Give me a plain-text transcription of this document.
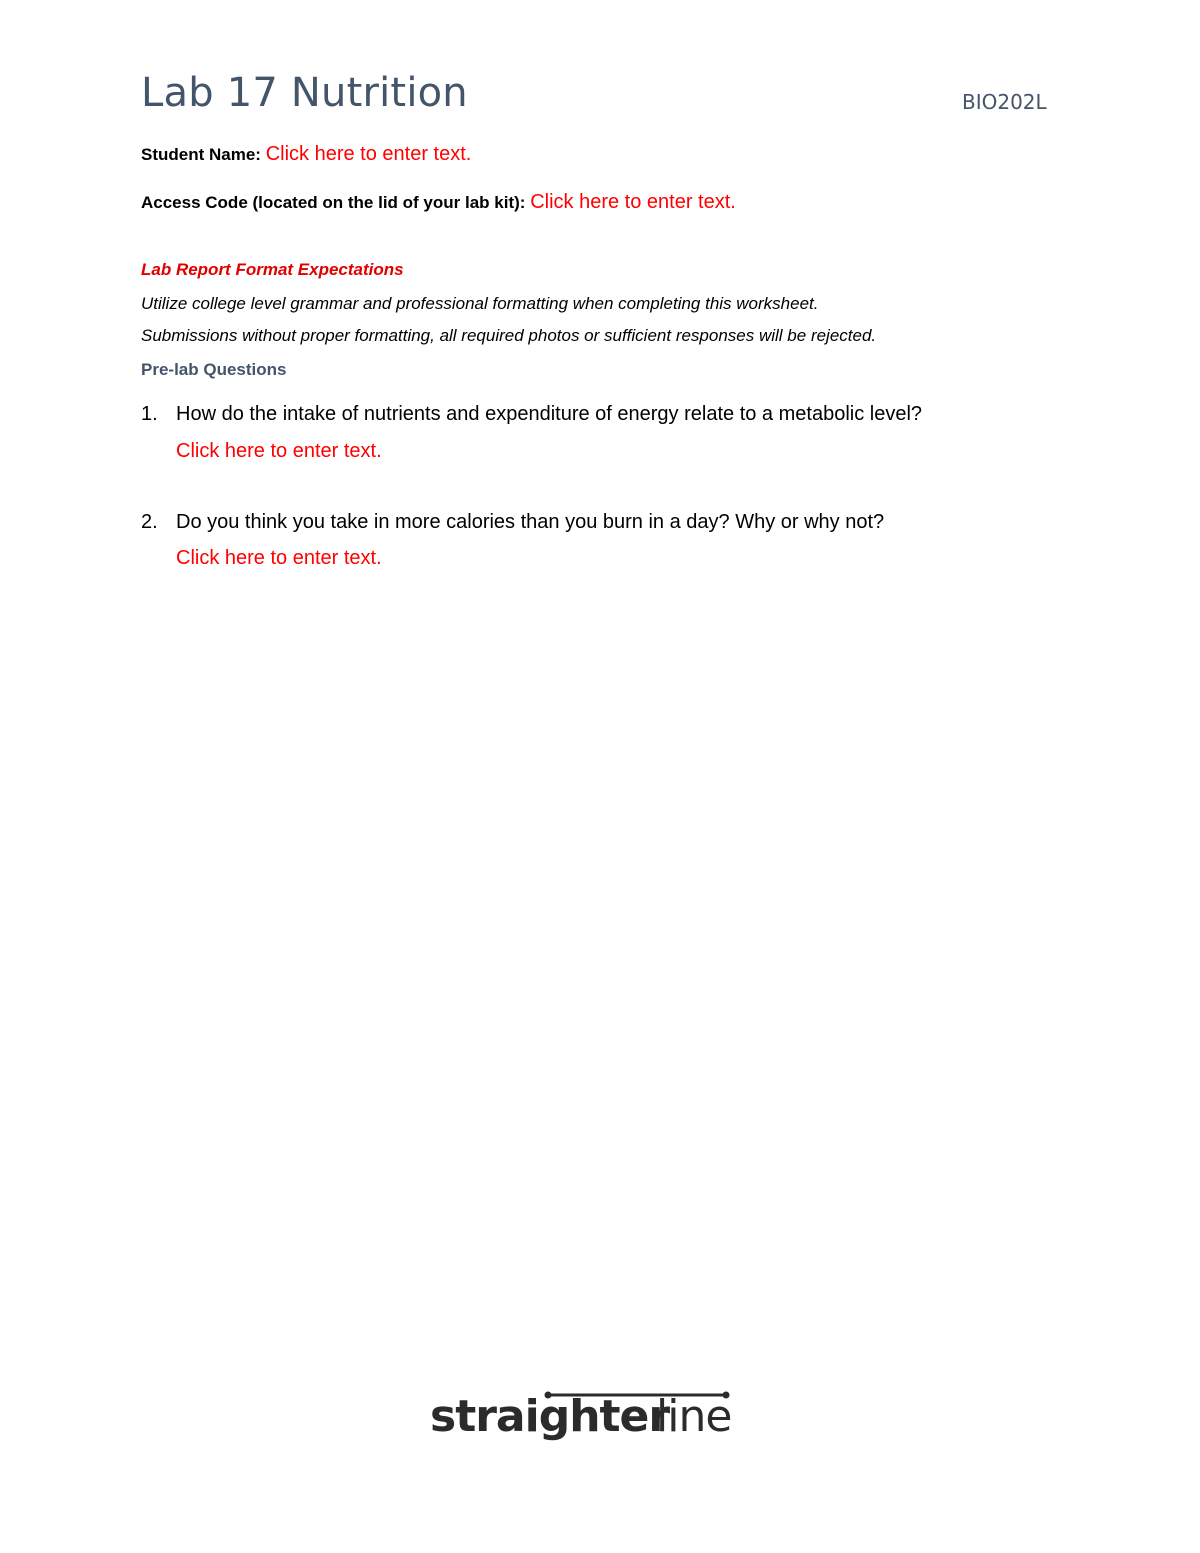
Lab 17 Nutrition	BIO202L
Student Name: Click here to enter text.
Access Code (located on the lid of your lab kit): Click here to enter text.
Lab Report Format Expectations
Utilize college level grammar and professional formatting when completing this worksheet.
Submissions without proper formatting, all required photos or sufficient responses will be rejected.
Pre-lab Questions
1. How do the intake of nutrients and expenditure of energy relate to a metabolic level?
Click here to enter text.
2. Do you think you take in more calories than you burn in a day? Why or why not?
Click here to enter text.
straighter
line
